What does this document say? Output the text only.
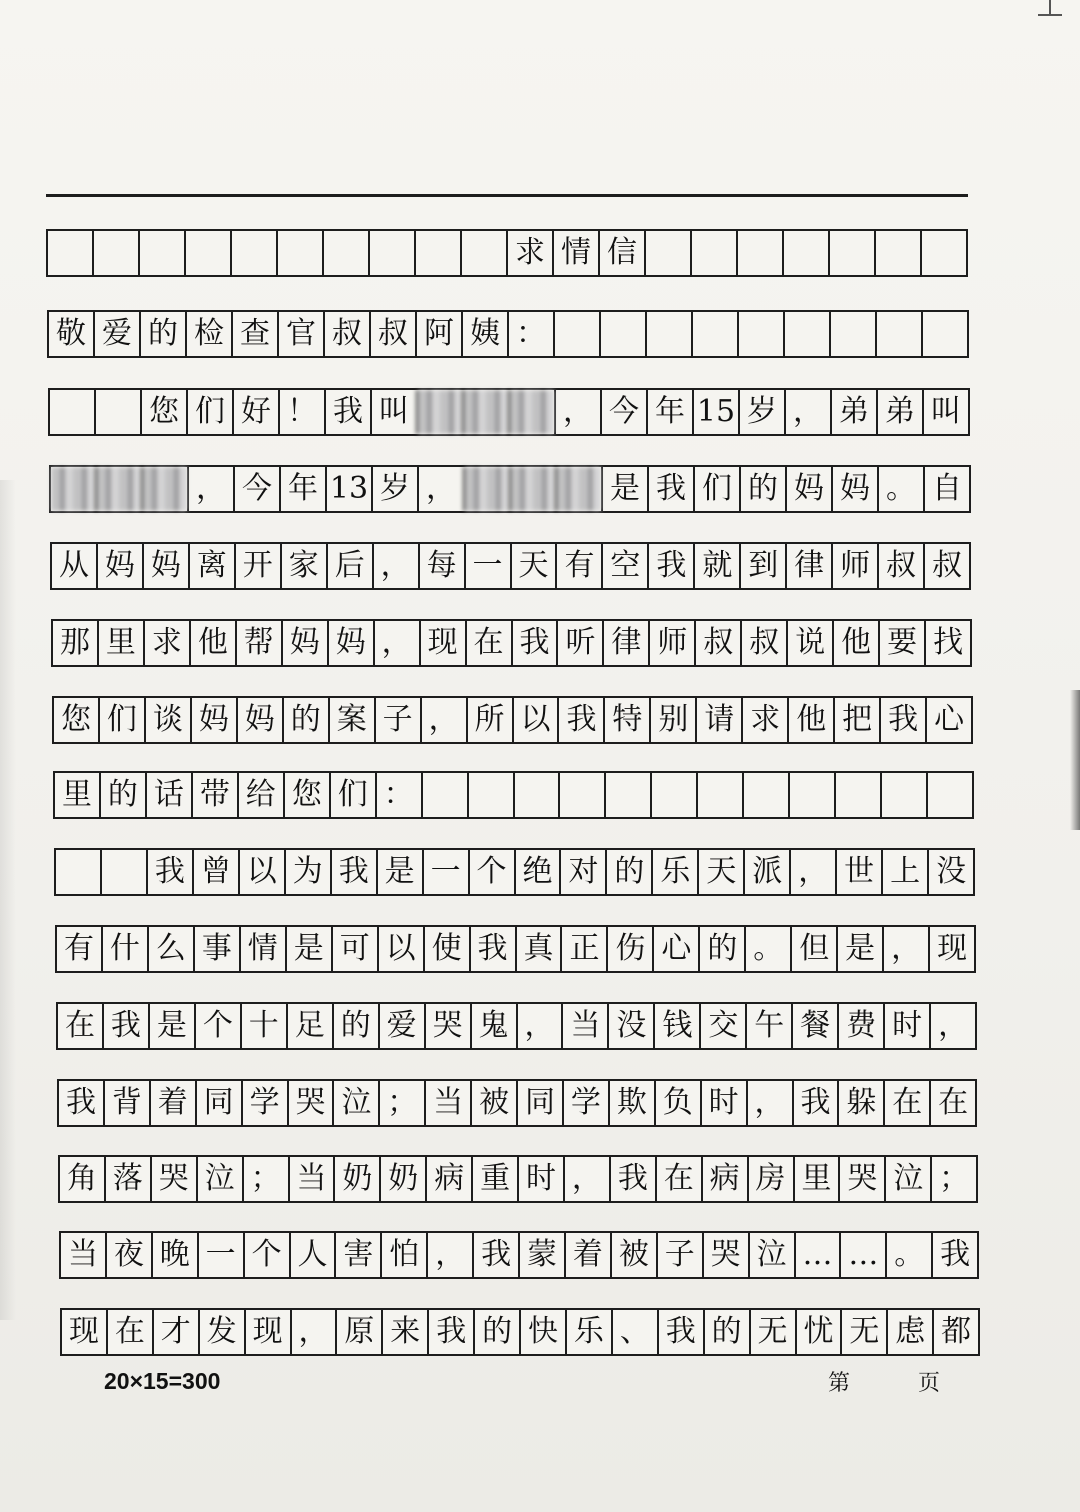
求 情 信
敬 爱 的 检 查 官 叔 叔 阿 姨 ：
您 们 好 ！ 我 叫	， 今 年 15 岁 ， 弟 弟 叫
， 今 年 13 岁 ，	是 我 们 的 妈 妈 。 自
从 妈 妈 离 开 家 后 ， 每 一 天 有 空 我 就 到 律 师 叔 叔
那 里 求 他 帮 妈 妈 ， 现 在 我 听 律 师 叔 叔 说 他 要 找
您 们 谈 妈 妈 的 案 子 ， 所 以 我 特 别 请 求 他 把 我 心
里 的 话 带 给 您 们 ：
我 曾 以 为 我 是 一 个 绝 对 的 乐 天 派 ， 世 上 没
有 什 么 事 情 是 可 以 使 我 真 正 伤 心 的 。 但 是 ， 现
在 我 是 个 十 足 的 爱 哭 鬼 ， 当 没 钱 交 午 餐 费 时 ，
我 背 着 同 学 哭 泣 ； 当 被 同 学 欺 负 时 ， 我 躲 在 在
角 落 哭 泣 ； 当 奶 奶 病 重 时 ， 我 在 病 房 里 哭 泣 ；
当 夜 晚 一 个 人 害 怕 ， 我 蒙 着 被 子 哭 泣 … … 。 我
现 在 才 发 现 ， 原 来 我 的 快 乐 、 我 的 无 忧 无 虑 都
20×15=300	第	页
